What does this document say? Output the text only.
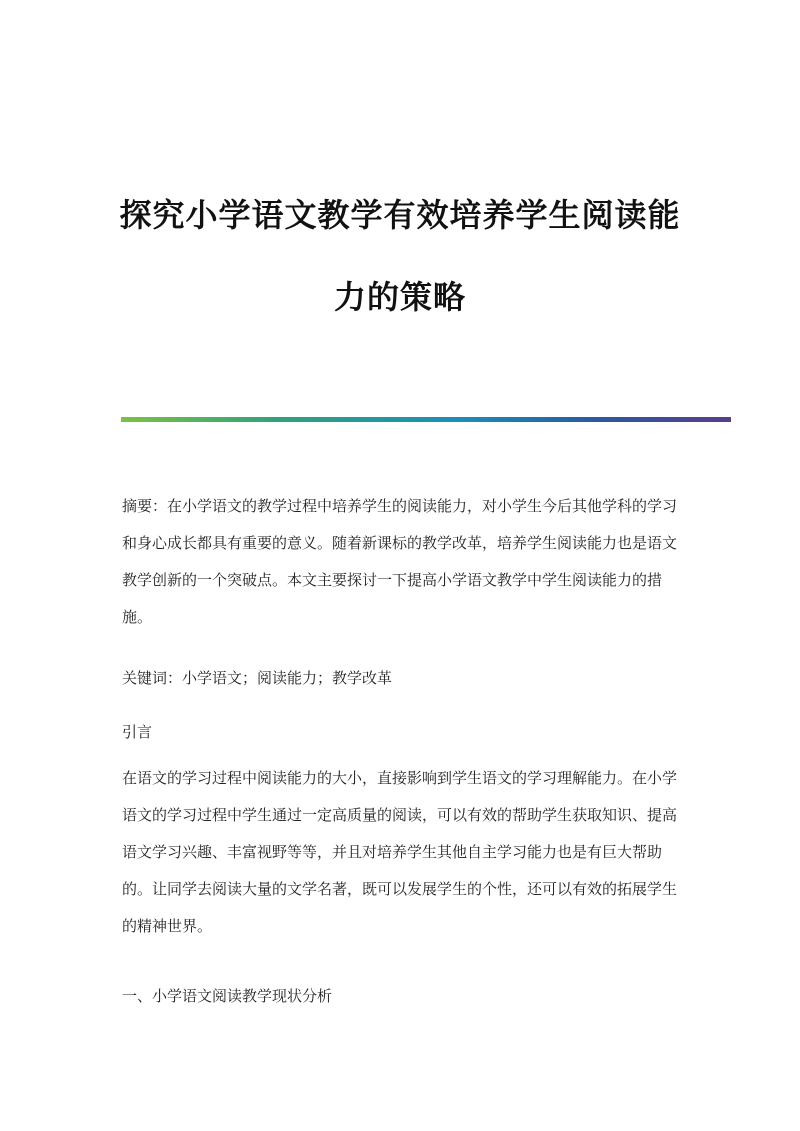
探究小学语文教学有效培养学生阅读能
力的策略
摘要：在小学语文的教学过程中培养学生的阅读能力，对小学生今后其他学科的学习和身心成长都具有重要的意义。随着新课标的教学改革，培养学生阅读能力也是语文教学创新的一个突破点。本文主要探讨一下提高小学语文教学中学生阅读能力的措施。
关键词：小学语文；阅读能力；教学改革
引言
在语文的学习过程中阅读能力的大小，直接影响到学生语文的学习理解能力。在小学语文的学习过程中学生通过一定高质量的阅读，可以有效的帮助学生获取知识、提高语文学习兴趣、丰富视野等等，并且对培养学生其他自主学习能力也是有巨大帮助的。让同学去阅读大量的文学名著，既可以发展学生的个性，还可以有效的拓展学生的精神世界。
一、小学语文阅读教学现状分析
